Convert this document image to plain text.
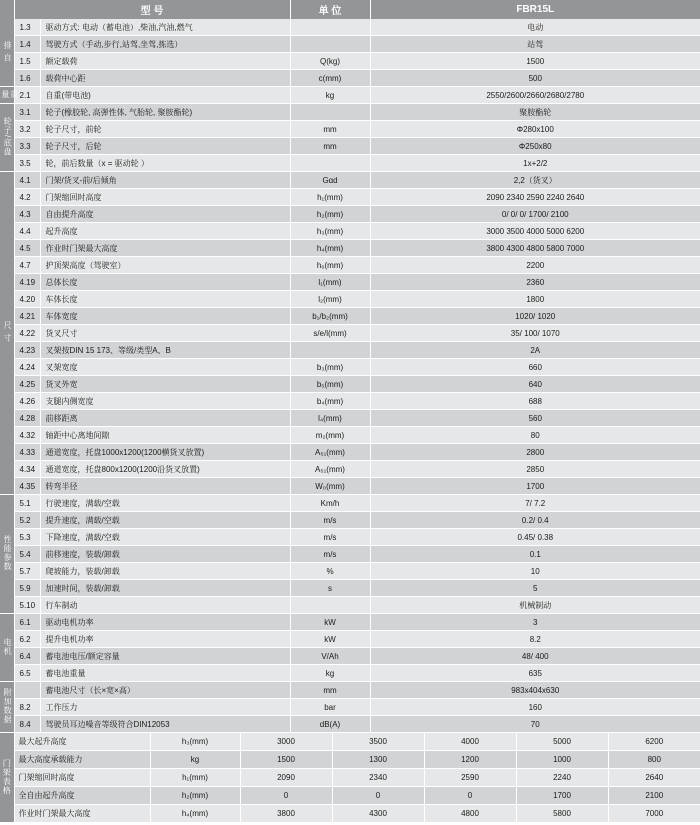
	型 号		单 位	FBR15L
排 自	1.3	驱动方式: 电动（蓄电池）,柴油,汽油,燃气		电动
	1.4	驾驶方式（手动,步行,站驾,坐驾,拣选）		站驾
	1.5	额定载荷	Q(kg)	1500
	1.6	载荷中心距	c(mm)	500
重量	2.1	自重(带电池)	kg	2550/2600/2660/2680/2780
轮子/底盘	3.1	轮子(橡胶轮, 高弹性体, 气胎轮, 聚胺酯轮)		聚胺酯轮
	3.2	轮子尺寸，前轮	mm	Φ280x100
	3.3	轮子尺寸，后轮	mm	Φ250x80
	3.5	轮，前后数量（x = 驱动轮 ）		1x+2/2
尺 寸	4.1	门架/货叉-前/后倾角	Gɑd	2,2（货叉）
	4.2	门架缩回时高度	h₁(mm)	2090 2340 2590 2240 2640
	4.3	自由提升高度	h₂(mm)	0/ 0/ 0/ 1700/ 2100
	4.4	起升高度	h₃(mm)	3000 3500 4000 5000 6200
	4.5	作业时门架最大高度	h₄(mm)	3800 4300 4800 5800 7000
	4.7	护顶架高度（驾驶室）	h₆(mm)	2200
	4.19	总体长度	l₁(mm)	2360
	4.20	车体长度	l₂(mm)	1800
	4.21	车体宽度	b₁/b₂(mm)	1020/ 1020
	4.22	货叉尺寸	s/e/l(mm)	35/ 100/ 1070
	4.23	叉架按DIN 15 173、等级/类型A、B		2A
	4.24	叉架宽度	b₃(mm)	660
	4.25	货叉外宽	b₅(mm)	640
	4.26	支腿内侧宽度	b₄(mm)	688
	4.28	前移距离	l₄(mm)	560
	4.32	轴距中心离地间隙	m₂(mm)	80
	4.33	通道宽度，托盘1000x1200(1200横货叉放置)	A₅₁(mm)	2800
	4.34	通道宽度，托盘800x1200(1200沿货叉放置)	A₅₁(mm)	2850
	4.35	转弯半径	W₀(mm)	1700
性能参数	5.1	行驶速度，满载/空载	Km/h	7/ 7.2
	5.2	提升速度，满载/空载	m/s	0.2/ 0.4
	5.3	下降速度，满载/空载	m/s	0.45/ 0.38
	5.4	前移速度，装载/卸载	m/s	0.1
	5.7	爬坡能力，装载/卸载	%	10
	5.9	加速时间，装载/卸载	s	5
	5.10	行车制动		机械制动
电机	6.1	驱动电机功率	kW	3
	6.2	提升电机功率	kW	8.2
	6.4	蓄电池电压/额定容量	V/Ah	48/ 400
	6.5	蓄电池重量	kg	635
附加数据		蓄电池尺寸（长×宽×高）	mm	983x404x630
	8.2	工作压力	bar	160
	8.4	驾驶员耳边噪音等级符合DIN12053	dB(A)	70
门架表格	最大起升高度	h₃(mm)	3000	3500	4000	5000	6200
	最大高度承载能力	kg	1500	1300	1200	1000	800
	门架缩回时高度	h₁(mm)	2090	2340	2590	2240	2640
	全自由起升高度	h₂(mm)	0	0	0	1700	2100
	作业时门架最大高度	h₄(mm)	3800	4300	4800	5800	7000
